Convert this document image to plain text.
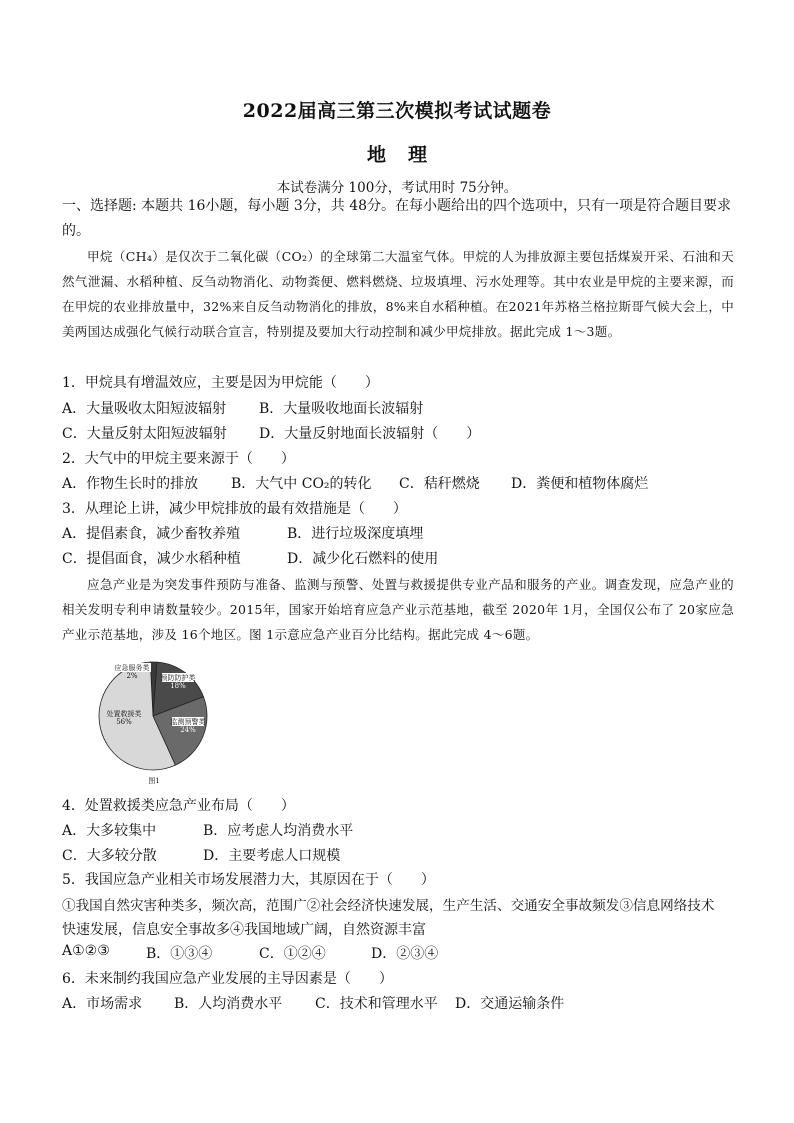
2022届高三第三次模拟考试试题卷
地理
本试卷满分 100分，考试用时 75分钟。
一、选择题: 本题共 16小题，每小题 3分，共 48分。在每小题给出的四个选项中，只有一项是符合题目要求的。
甲烷（CH₄）是仅次于二氧化碳（CO₂）的全球第二大温室气体。甲烷的人为排放源主要包括煤炭开采、石油和天然气泄漏、水稻种植、反刍动物消化、动物粪便、燃料燃烧、垃圾填埋、污水处理等。其中农业是甲烷的主要来源，而在甲烷的农业排放量中，32%来自反刍动物消化的排放，8%来自水稻种植。在2021年苏格兰格拉斯哥气候大会上，中美两国达成强化气候行动联合宣言，特别提及要加大行动控制和减少甲烷排放。据此完成 1～3题。
1．甲烷具有增温效应，主要是因为甲烷能（　　）
A．大量吸收太阳短波辐射 B．大量吸收地面长波辐射
C．大量反射太阳短波辐射 D．大量反射地面长波辐射（　　）
2．大气中的甲烷主要来源于（　　）
A．作物生长时的排放 B．大气中 CO₂的转化 C．秸秆燃烧 D．粪便和植物体腐烂
3．从理论上讲，减少甲烷排放的最有效措施是（　　）
A．提倡素食，减少畜牧养殖	B．进行垃圾深度填埋
C．提倡面食，减少水稻种植	D．减少化石燃料的使用
应急产业是为突发事件预防与准备、监测与预警、处置与救援提供专业产品和服务的产业。调查发现，应急产业的相关发明专利申请数量较少。2015年，国家开始培育应急产业示范基地，截至 2020年 1月，全国仅公布了 20家应急产业示范基地，涉及 16个地区。图 1示意应急产业百分比结构。据此完成 4～6题。
应急服务类
2%	预防防护类
18%
监测预警类
24%
处置救援类
56%
图1
4．处置救援类应急产业布局（　　）
A．大多较集中	B．应考虑人均消费水平
C．大多较分散	D．主要考虑人口规模
5．我国应急产业相关市场发展潜力大，其原因在于（　　）
①我国自然灾害种类多，频次高，范围广②社会经济快速发展，生产生活、交通安全事故频发③信息网络技术
快速发展，信息安全事故多④我国地域广阔，自然资源丰富
A①②③	B．①③④	C．①②④	D．②③④
6．未来制约我国应急产业发展的主导因素是（　　）
A．市场需求 B．人均消费水平 C．技术和管理水平 D．交通运输条件
